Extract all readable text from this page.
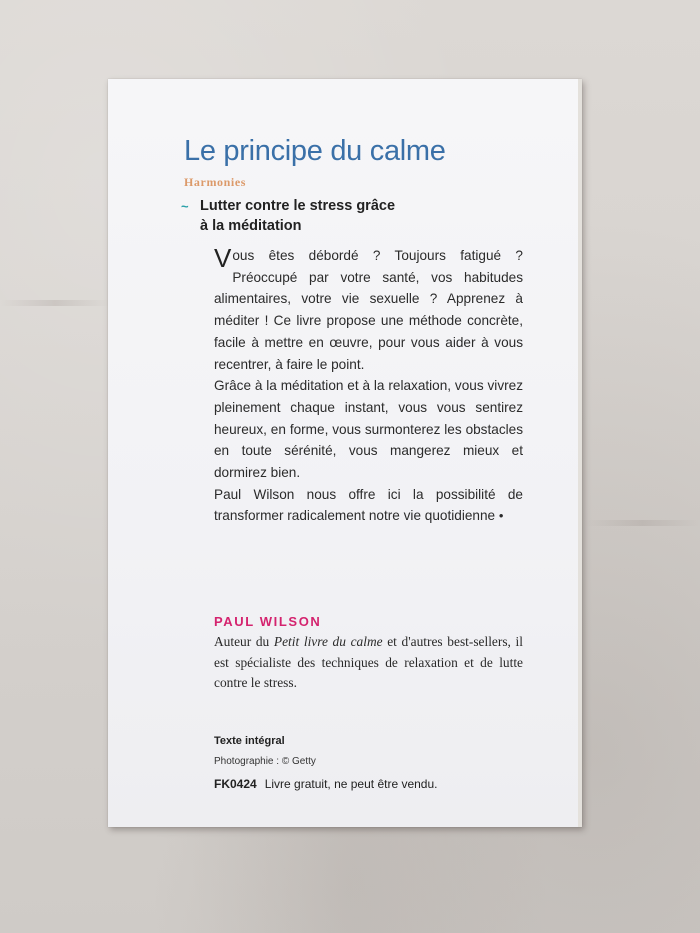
Le principe du calme
Harmonies
~ Lutter contre le stress grâce
à la méditation

Vous êtes débordé ? Toujours fatigué ? Préoccupé par votre santé, vos habitudes alimentaires, votre vie sexuelle ? Apprenez à méditer ! Ce livre propose une méthode concrète, facile à mettre en œuvre, pour vous aider à vous recentrer, à faire le point.

Grâce à la méditation et à la relaxation, vous vivrez pleinement chaque instant, vous vous sentirez heureux, en forme, vous surmonterez les obstacles en toute sérénité, vous mangerez mieux et dormirez bien.

Paul Wilson nous offre ici la possibilité de transformer radicalement notre vie quotidienne •

PAUL WILSON

Auteur du Petit livre du calme et d'autres best-sellers, il est spécialiste des techniques de relaxation et de lutte contre le stress.

Texte intégral
Photographie : © Getty
FK0424 Livre gratuit, ne peut être vendu.
